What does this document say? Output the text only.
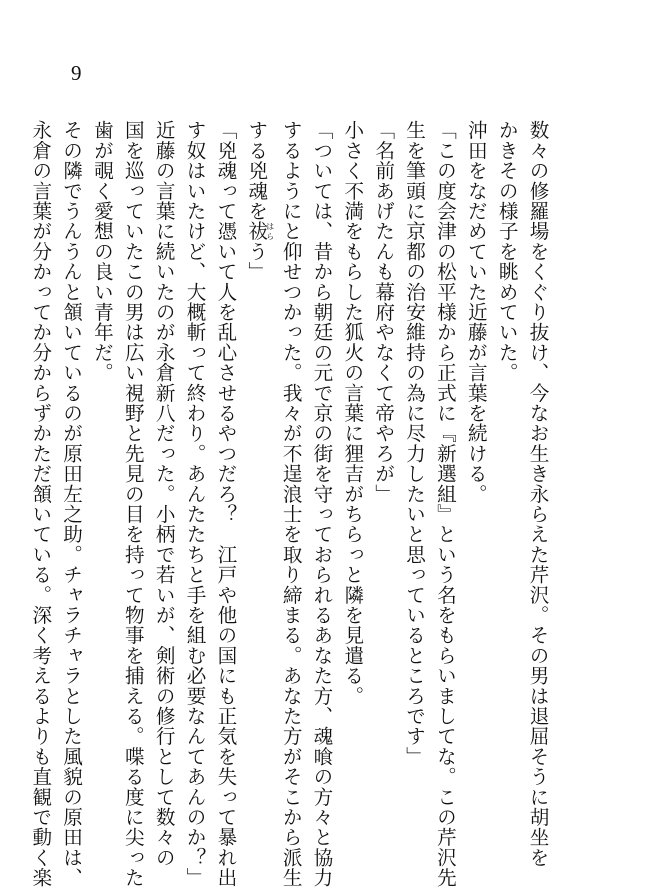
9
数々の修羅場をくぐり抜け、今なお生き永らえた芹沢。その男は退屈そうに胡坐を
かきその様子を眺めていた。
沖田をなだめていた近藤が言葉を続ける。
「この度会津の松平様から正式に『新選組』という名をもらいましてな。この芹沢先
生を筆頭に京都の治安維持の為に尽力したいと思っているところです」
「名前あげたんも幕府やなくて帝やろが」
小さく不満をもらした狐火の言葉に狸吉がちらっと隣を見遣る。
「ついては、昔から朝廷の元で京の街を守っておられるあなた方、魂喰の方々と協力
するようにと仰せつかった。我々が不逞浪士を取り締まる。あなた方がそこから派生
する兇魂を祓はらう」
「兇魂って憑いて人を乱心させるやつだろ？　江戸や他の国にも正気を失って暴れ出
す奴はいたけど、大概斬って終わり。あんたたちと手を組む必要なんてあんのか？」
近藤の言葉に続いたのが永倉新八だった。小柄で若いが、剣術の修行として数々の
国を巡っていたこの男は広い視野と先見の目を持って物事を捕える。喋る度に尖った
歯が覗く愛想の良い青年だ。
その隣でうんうんと頷いているのが原田左之助。チャラチャラとした風貌の原田は、
永倉の言葉が分かってか分からずかただ頷いている。深く考えるよりも直観で動く楽
